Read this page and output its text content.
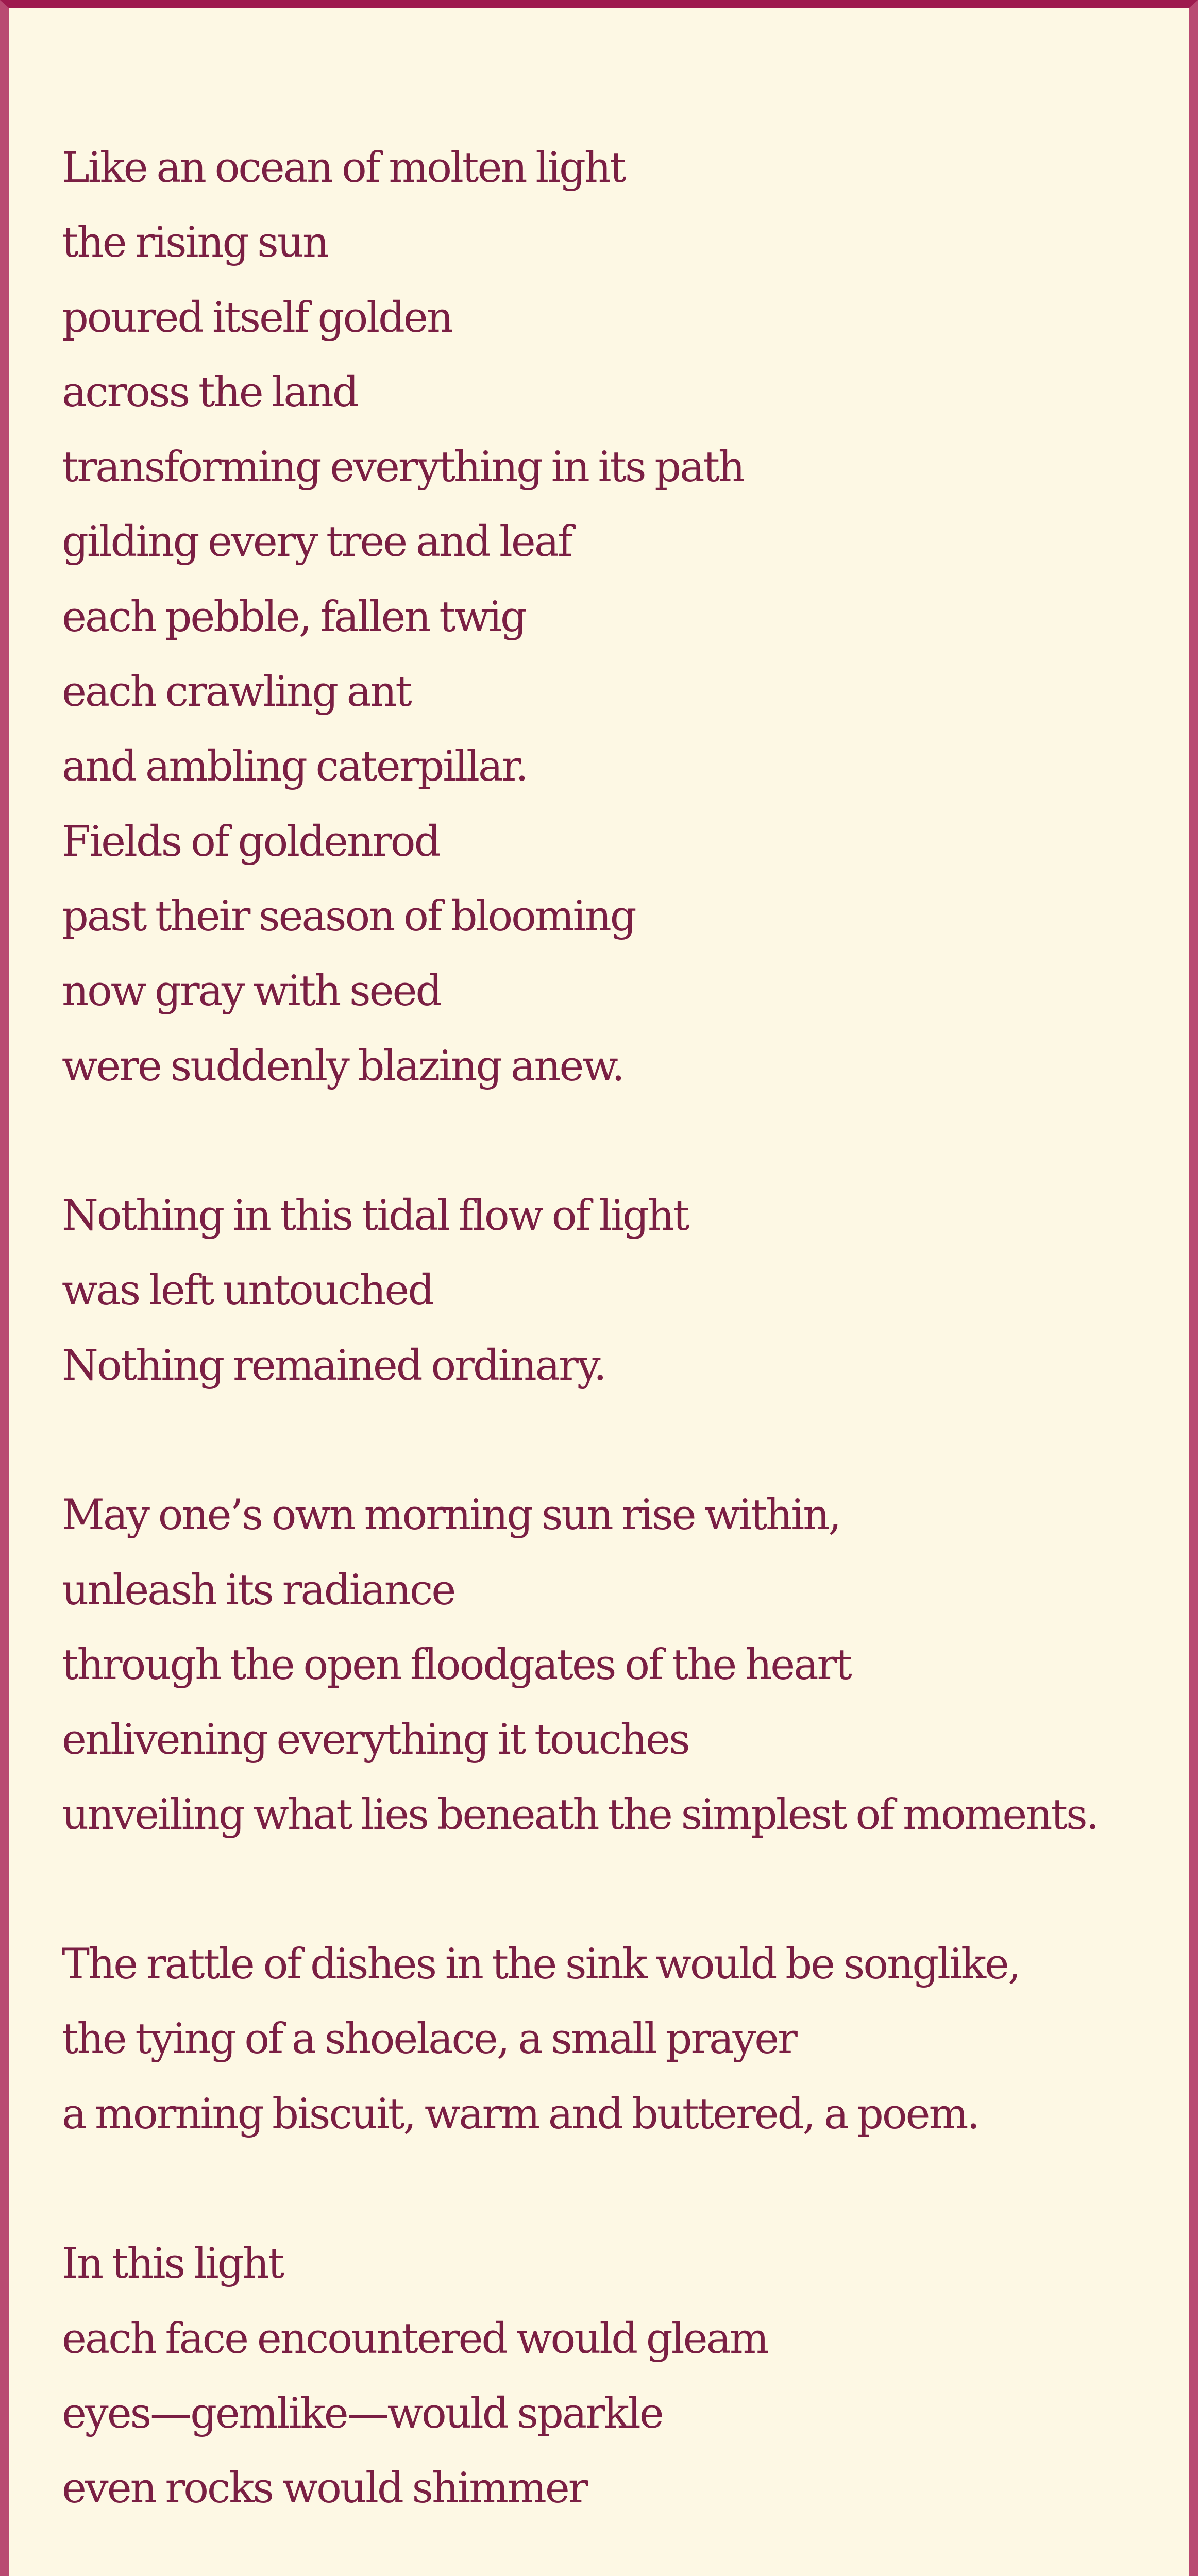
Like an ocean of molten light
the rising sun
poured itself golden
across the land
transforming everything in its path
gilding every tree and leaf
each pebble, fallen twig
each crawling ant
and ambling caterpillar.
Fields of goldenrod
past their season of blooming
now gray with seed
were suddenly blazing anew.
Nothing in this tidal flow of light
was left untouched
Nothing remained ordinary.
May one’s own morning sun rise within,
unleash its radiance
through the open floodgates of the heart
enlivening everything it touches
unveiling what lies beneath the simplest of moments.
The rattle of dishes in the sink would be songlike,
the tying of a shoelace, a small prayer
a morning biscuit, warm and buttered, a poem.
In this light
each face encountered would gleam
eyes—gemlike—would sparkle
even rocks would shimmer
